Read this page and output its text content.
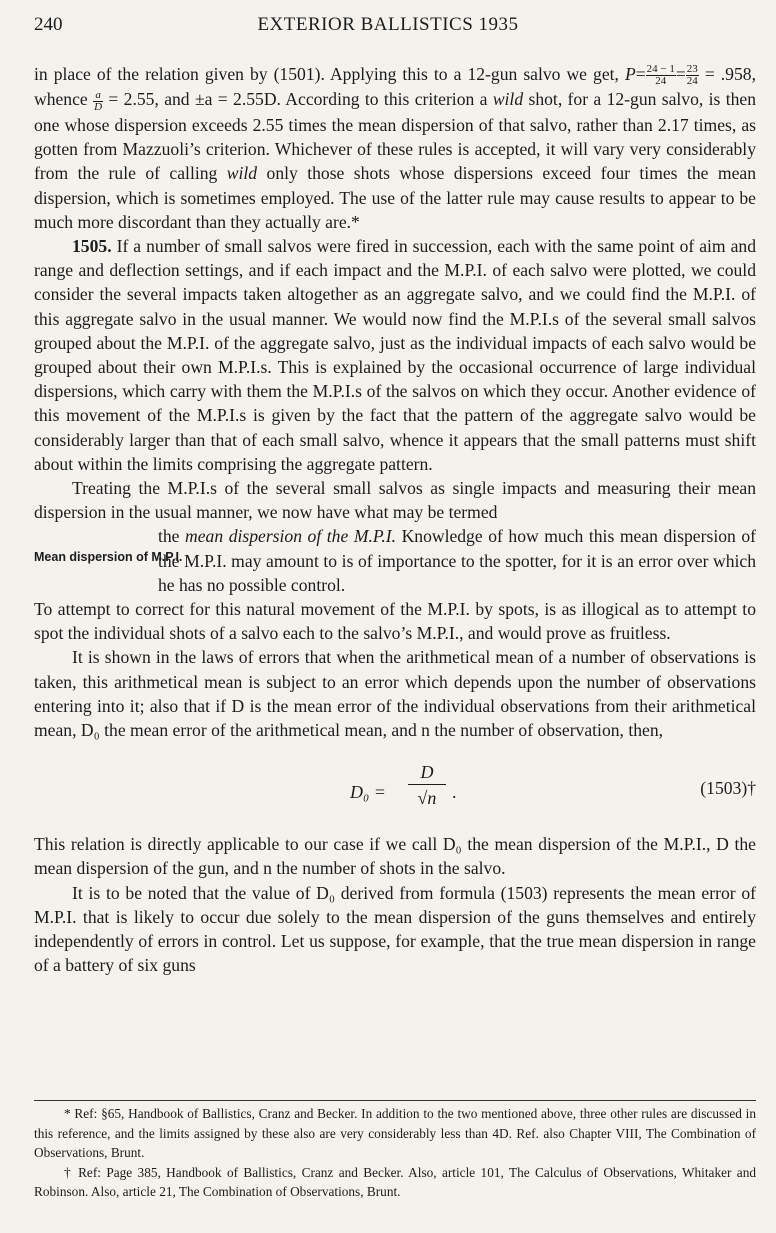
240	EXTERIOR BALLISTICS 1935

in place of the relation given by (1501). Applying this to a 12-gun salvo we get, $P= \frac{24 - 1}{24} = \frac{23}{24} = .958$, whence $\frac{a}{D} = 2.55$, and ±a = 2.55D. According to this criterion a wild shot, for a 12-gun salvo, is then one whose dispersion exceeds 2.55 times the mean dispersion of that salvo, rather than 2.17 times, as gotten from Mazzuoli’s criterion. Whichever of these rules is accepted, it will vary very considerably from the rule of calling wild only those shots whose dispersions exceed four times the mean dispersion, which is sometimes employed. The use of the latter rule may cause results to appear to be much more discordant than they actually are.*

1505. If a number of small salvos were fired in succession, each with the same point of aim and range and deflection settings, and if each impact and the M.P.I. of each salvo were plotted, we could consider the several impacts taken altogether as an aggregate salvo, and we could find the M.P.I. of this aggregate salvo in the usual manner. We would now find the M.P.I.s of the several small salvos grouped about the M.P.I. of the aggregate salvo, just as the individual impacts of each salvo would be grouped about their own M.P.I.s. This is explained by the occasional occurrence of large individual dispersions, which carry with them the M.P.I.s of the salvos on which they occur. Another evidence of this movement of the M.P.I.s is given by the fact that the pattern of the aggregate salvo would be considerably larger than that of each small salvo, whence it appears that the small patterns must shift about within the limits comprising the aggregate pattern.

Treating the M.P.I.s of the several small salvos as single impacts and measuring their mean dispersion in the usual manner, we now have what may be termed

Mean dispersion of M.P.I.

the mean dispersion of the M.P.I. Knowledge of how much this mean dispersion of the M.P.I. may amount to is of importance to the spotter, for it is an error over which he has no possible control.

To attempt to correct for this natural movement of the M.P.I. by spots, is as illogical as to attempt to spot the individual shots of a salvo each to the salvo’s M.P.I., and would prove as fruitless.

It is shown in the laws of errors that when the arithmetical mean of a number of observations is taken, this arithmetical mean is subject to an error which depends upon the number of observations entering into it; also that if D is the mean error of the individual observations from their arithmetical mean, D₀ the mean error of the arithmetical mean, and n the number of observation, then,

$D_0 = \frac{D}{√n}$ .	(1503)†

This relation is directly applicable to our case if we call D₀ the mean dispersion of the M.P.I., D the mean dispersion of the gun, and n the number of shots in the salvo.

It is to be noted that the value of D₀ derived from formula (1503) represents the mean error of M.P.I. that is likely to occur due solely to the mean dispersion of the guns themselves and entirely independently of errors in control. Let us suppose, for example, that the true mean dispersion in range of a battery of six guns

* Ref: §65, Handbook of Ballistics, Cranz and Becker. In addition to the two mentioned above, three other rules are discussed in this reference, and the limits assigned by these also are very considerably less than 4D. Ref. also Chapter VIII, The Combination of Observations, Brunt.

† Ref: Page 385, Handbook of Ballistics, Cranz and Becker. Also, article 101, The Calculus of Observations, Whitaker and Robinson. Also, article 21, The Combination of Observations, Brunt.
